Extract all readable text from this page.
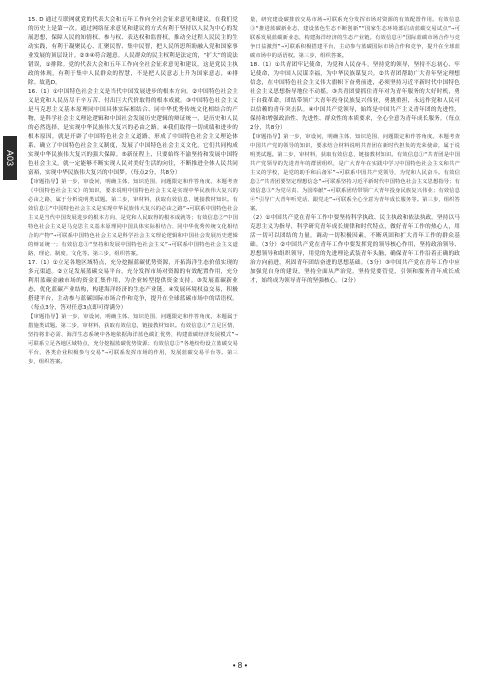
A03

15. D 通过互联网就党的代表大会和五年工作向全社会征求意见和建议，在我们党的历史上是第一次。通过网络征求意见和建议的方式有利于坚持以人民为中心的发展思想，保障人民的知情权、参与权、表达权和监督权，推动全过程人民民主的生动实践，有利于凝聚民心、汇聚民智、集中民智，把人民所思所盼融入党和国家事业发展的顶层设计。②③④符合题意。人民群众的民主权利是法定的，“扩大”的说法错误，①排除。党的代表大会和五年工作向全社会征求意见和建议，这是党民主执政的体现，有利于集中人民群众的智慧，不是把人民意志上升为国家意志，④排除。故选D。

16.（1）①中国特色社会主义是当代中国发展进步的根本方向。②中国特色社会主义是党和人民历尽千辛万苦、付出巨大代价取得的根本成就。③中国特色社会主义是马克思主义基本原理同中国具体实际相结合、同中华优秀传统文化相结合的产物，是科学社会主义理论逻辑和中国社会发展历史逻辑的辩证统一，是历史和人民的必然选择，是实现中华民族伟大复兴的必由之路。④我们取得一切成绩和进步的根本原因，就是开辟了中国特色社会主义道路，形成了中国特色社会主义理论体系，确立了中国特色社会主义制度，发展了中国特色社会主义文化。它们共同构成实现中华民族伟大复兴的强大保障。⑤新征程上，只要始终不渝坚持和发展中国特色社会主义，就一定能够不断实现人民对美好生活的向往，不断推进全体人民共同富裕，实现中华民族伟大复兴的中国梦。（每点2分，共8分）

【审题指导】第一步，审设问，明确主体、知识范围、问题限定和作答角度。本题考查《中国特色社会主义》的知识，要求说明中国特色社会主义是实现中华民族伟大复兴的必由之路，属于分析说明类试题。第二步，审材料，获取有效信息，链接教材知识。有效信息①“中国特色社会主义是实现中华民族伟大复兴的必由之路”→可联系中国特色社会主义是当代中国发展进步的根本方向、是党和人民取得的根本成就等；有效信息②“中国特色社会主义是马克思主义基本原理同中国具体实际相结合、同中华优秀传统文化相结合的产物”→可联系中国特色社会主义是科学社会主义理论逻辑和中国社会发展历史逻辑的辩证统一；有效信息③“坚持和发展中国特色社会主义”→可联系中国特色社会主义道路、理论、制度、文化等。第三步，组织答案。

17.（1）①立足各地区域特点，充分挖掘蓝碳优势资源，开拓海洋生态价值实现的多元渠道。②立足发展蓝碳交易平台，充分发挥市场对资源的有效配置作用，充分利用蓝碳金融市场的资金汇集作用，为企业转型提供资金支持。③发展蓝碳新业态，优化蓝碳产业结构，构建海洋经济的生态产业链。④发展环境权益交易，积极搭建平台，主动参与蓝碳国际市场合作和竞争，提升在全球蓝碳市场中的话语权。（每点3分，答对任意3点即可得满分）

【审题指导】第一步，审设问，明确主体、知识范围、问题限定和作答角度。本题属于措施类试题。第二步，审材料，获取有效信息，链接教材知识。有效信息①“立足区情，坚持将非必需、海洋生态系统中各地依据海洋蓝色碳汇优势，构建蓝碳经济发展模式”→可联系立足各地区域特点，充分挖掘蓝碳优势资源；有效信息②“各地纷纷设立蓝碳交易平台，各类企业积极参与交易”→可联系发挥市场的作用，发展蓝碳交易平台等。第三步，组织答案。

量，研究建设碳排放交易市场→可联系充分发挥市场对资源的有效配置作用。有效信息③“推进蓝碳新业态，建设蓝色生态不断创新”“国家生态环境部启动蓝碳交易试点”→可联系发展蓝碳新业态，构建海洋经济的生态产业链。有效信息④“国际蓝碳市场合作与竞争日益激烈”→可联系积极搭建平台，主动参与蓝碳国际市场合作和竞争，提升在全球蓝碳市场中的话语权。第三步，组织答案。

18.（1）①共青团牢记使命，为党和人民奋斗，坚持党的领导，坚持不忘初心、牢记使命，为中国人民谋幸福，为中华民族谋复兴。②共青团帮助广大青年坚定理想信念，在中国特色社会主义伟大旗帜下奋勇前进，必须坚持习近平新时代中国特色社会主义思想指导地位不动摇。③共青团要抓住青年对为青年服务的大好时机，勇于自我革命，团结带领广大青年投身民族复兴伟业，勇挑重担，永远作党和人民可以信赖的青年突击队。④中国共产党领导，始终是中国共产主义青年团的先进性，保持和增强政治性、先进性、群众性的本质要求，全心全意为青年成长服务。（每点2分，共8分）

【审题指导】第一步，审设问，明确主体、知识范围、问题限定和作答角度。本题考查中国共产党的领导的知识，要求结合材料说明共青团在新时代担负的光荣使命，属于说明类试题。第二步，审材料，获取有效信息，链接教材知识。有效信息①“共青团是中国共产党领导的先进青年的群团组织，是广大青年在实践中学习中国特色社会主义和共产主义的学校，是党的助手和后备军”→可联系中国共产党领导，为党和人民奋斗。有效信息②“共青团要坚定理想信念”→可联系坚持习近平新时代中国特色社会主义思想指导；有效信息③“为党尽责、为国奉献”→可联系团结带领广大青年投身民族复兴伟业；有效信息④“引导广大青年听党话、跟党走”→可联系全心全意为青年成长服务等。第三步，组织答案。

（2）①中国共产党在青年工作中要坚持科学执政、民主执政和依法执政。坚持以马克思主义为指导，科学研究青年成长规律和时代特点，做好青年工作的热心人，用活一切可以团结的力量，调动一切积极因素，不断巩固和扩大青年工作的群众基础。（3分）②中国共产党在青年工作中要发挥党的领导核心作用，坚持政治领导、思想领导和组织领导，用党的先进理论武装青年头脑，确保青年工作沿着正确的政治方向前进，巩固青年团结奋进的思想基础。（3分）③中国共产党在青年工作中应加强党自身的建设，坚持全面从严治党，坚持党要管党，引领和服务青年成长成才，始终成为领导青年的坚强核心。（2分）

• 8 •
